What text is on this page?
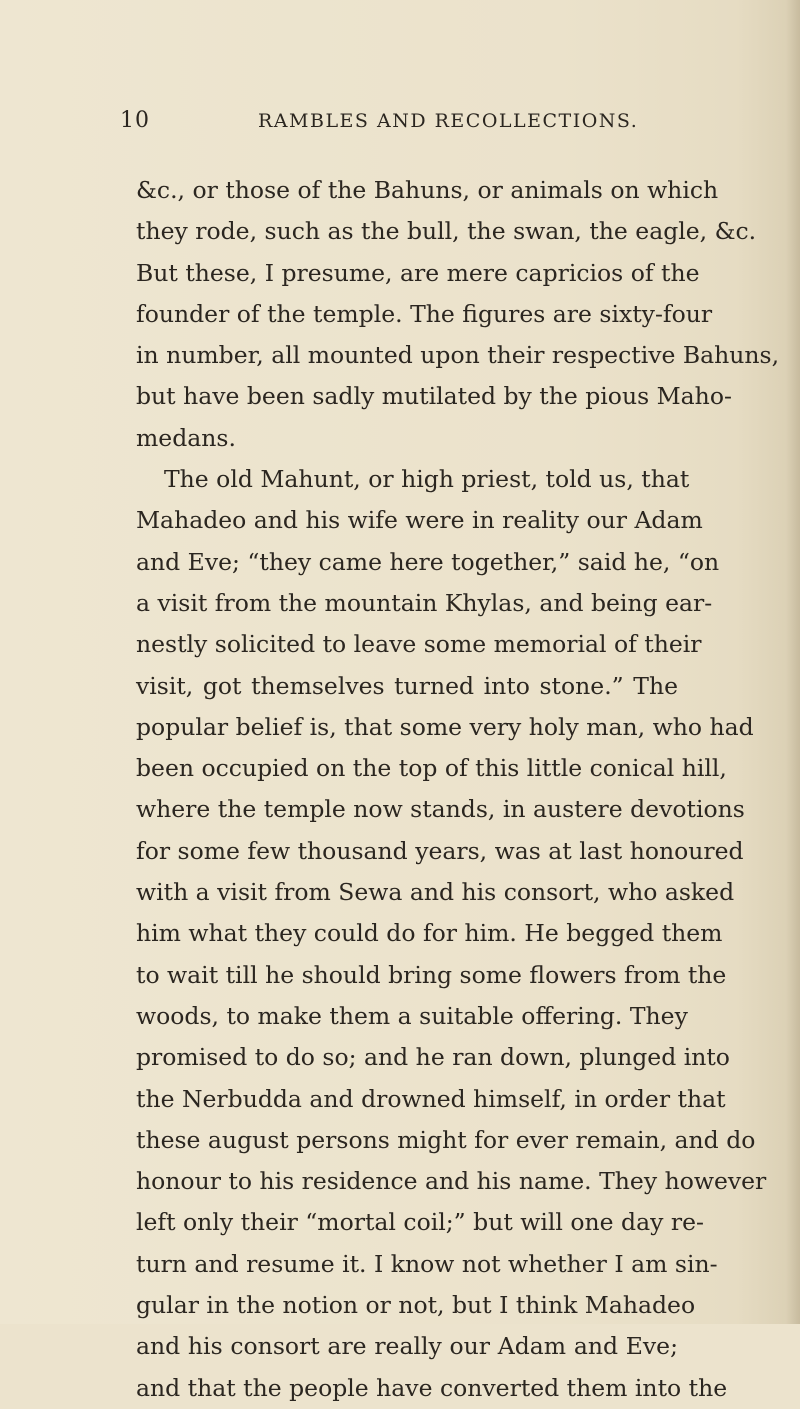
10	RAMBLES AND RECOLLECTIONS.
&c., or those of the Bahuns, or animals on which
they rode, such as the bull, the swan, the eagle, &c.
But these, I presume, are mere capricios of the
founder of the temple. The figures are sixty-four
in number, all mounted upon their respective Bahuns,
but have been sadly mutilated by the pious Maho-
medans.
The old Mahunt, or high priest, told us, that
Mahadeo and his wife were in reality our Adam
and Eve; “they came here together,” said he, “on
a visit from the mountain Khylas, and being ear-
nestly solicited to leave some memorial of their
visit, got themselves turned into stone.” The
popular belief is, that some very holy man, who had
been occupied on the top of this little conical hill,
where the temple now stands, in austere devotions
for some few thousand years, was at last honoured
with a visit from Sewa and his consort, who asked
him what they could do for him. He begged them
to wait till he should bring some flowers from the
woods, to make them a suitable offering. They
promised to do so; and he ran down, plunged into
the Nerbudda and drowned himself, in order that
these august persons might for ever remain, and do
honour to his residence and his name. They however
left only their “mortal coil;” but will one day re-
turn and resume it. I know not whether I am sin-
gular in the notion or not, but I think Mahadeo
and his consort are really our Adam and Eve;
and that the people have converted them into the
